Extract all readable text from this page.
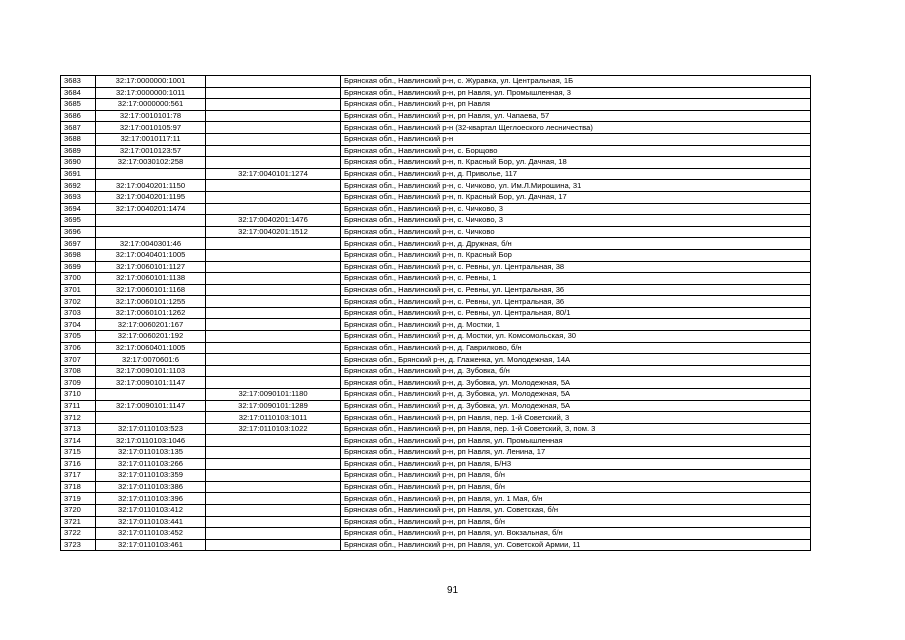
3683	32:17:0000000:1001		Брянская обл., Навлинский р-н, с. Журавка, ул. Центральная, 1Б
3684	32:17:0000000:1011		Брянская обл., Навлинский р-н, рп Навля, ул. Промышленная, 3
3685	32:17:0000000:561		Брянская обл., Навлинский р-н, рп Навля
3686	32:17:0010101:78		Брянская обл., Навлинский р-н, рп Навля, ул. Чапаева, 57
3687	32:17:0010105:97		Брянская обл., Навлинский р-н (32-квартал Щеглоеского лесничества)
3688	32:17:0010117:11		Брянская обл., Навлинский р-н
3689	32:17:0010123:57		Брянская обл., Навлинский р-н, с. Борщово
3690	32:17:0030102:258		Брянская обл., Навлинский р-н, п. Красный Бор, ул. Дачная, 18
3691		32:17:0040101:1274	Брянская обл., Навлинский р-н, д. Приволье, 117
3692	32:17:0040201:1150		Брянская обл., Навлинский р-н, с. Чичково, ул. Им.Л.Мирошина, 31
3693	32:17:0040201:1195		Брянская обл., Навлинский р-н, п. Красный Бор, ул. Дачная, 17
3694	32:17:0040201:1474		Брянская обл., Навлинский р-н, с. Чичково, 3
3695		32:17:0040201:1476	Брянская обл., Навлинский р-н, с. Чичково, 3
3696		32:17:0040201:1512	Брянская обл., Навлинский р-н, с. Чичково
3697	32:17:0040301:46		Брянская обл., Навлинский р-н, д. Дружная, б/н
3698	32:17:0040401:1005		Брянская обл., Навлинский р-н, п. Красный Бор
3699	32:17:0060101:1127		Брянская обл., Навлинский р-н, с. Ревны, ул. Центральная, 38
3700	32:17:0060101:1138		Брянская обл., Навлинский р-н, с. Ревны, 1
3701	32:17:0060101:1168		Брянская обл., Навлинский р-н, с. Ревны, ул. Центральная, 36
3702	32:17:0060101:1255		Брянская обл., Навлинский р-н, с. Ревны, ул. Центральная, 36
3703	32:17:0060101:1262		Брянская обл., Навлинский р-н, с. Ревны, ул. Центральная, 80/1
3704	32:17:0060201:167		Брянская обл., Навлинский р-н, д. Мостки, 1
3705	32:17:0060201:192		Брянская обл., Навлинский р-н, д. Мостки, ул. Комсомольская, 30
3706	32:17:0060401:1005		Брянская обл., Навлинский р-н, д. Гаврилково, б/н
3707	32:17:0070601:6		Брянская обл., Брянский р-н, д. Глаженка, ул. Молодежная, 14А
3708	32:17:0090101:1103		Брянская обл., Навлинский р-н, д. Зубовка, б/н
3709	32:17:0090101:1147		Брянская обл., Навлинский р-н, д. Зубовка, ул. Молодежная, 5А
3710		32:17:0090101:1180	Брянская обл., Навлинский р-н, д. Зубовка, ул. Молодежная, 5А
3711	32:17:0090101:1147	32:17:0090101:1289	Брянская обл., Навлинский р-н, д. Зубовка, ул. Молодежная, 5А
3712		32:17:0110103:1011	Брянская обл., Навлинский р-н, рп Навля, пер. 1-й Советский, 3
3713	32:17:0110103:523	32:17:0110103:1022	Брянская обл., Навлинский р-н, рп Навля, пер. 1-й Советский, 3, пом. 3
3714	32:17:0110103:1046		Брянская обл., Навлинский р-н, рп Навля, ул. Промышленная
3715	32:17:0110103:135		Брянская обл., Навлинский р-н, рп Навля, ул. Ленина, 17
3716	32:17:0110103:266		Брянская обл., Навлинский р-н, рп Навля, Б/Н3
3717	32:17:0110103:359		Брянская обл., Навлинский р-н, рп Навля, б/н
3718	32:17:0110103:386		Брянская обл., Навлинский р-н, рп Навля, б/н
3719	32:17:0110103:396		Брянская обл., Навлинский р-н, рп Навля, ул. 1 Мая, б/н
3720	32:17:0110103:412		Брянская обл., Навлинский р-н, рп Навля, ул. Советская, б/н
3721	32:17:0110103:441		Брянская обл., Навлинский р-н, рп Навля, б/н
3722	32:17:0110103:452		Брянская обл., Навлинский р-н, рп Навля, ул. Вокзальная, б/н
3723	32:17:0110103:461		Брянская обл., Навлинский р-н, рп Навля, ул. Советской Армии, 11
91
